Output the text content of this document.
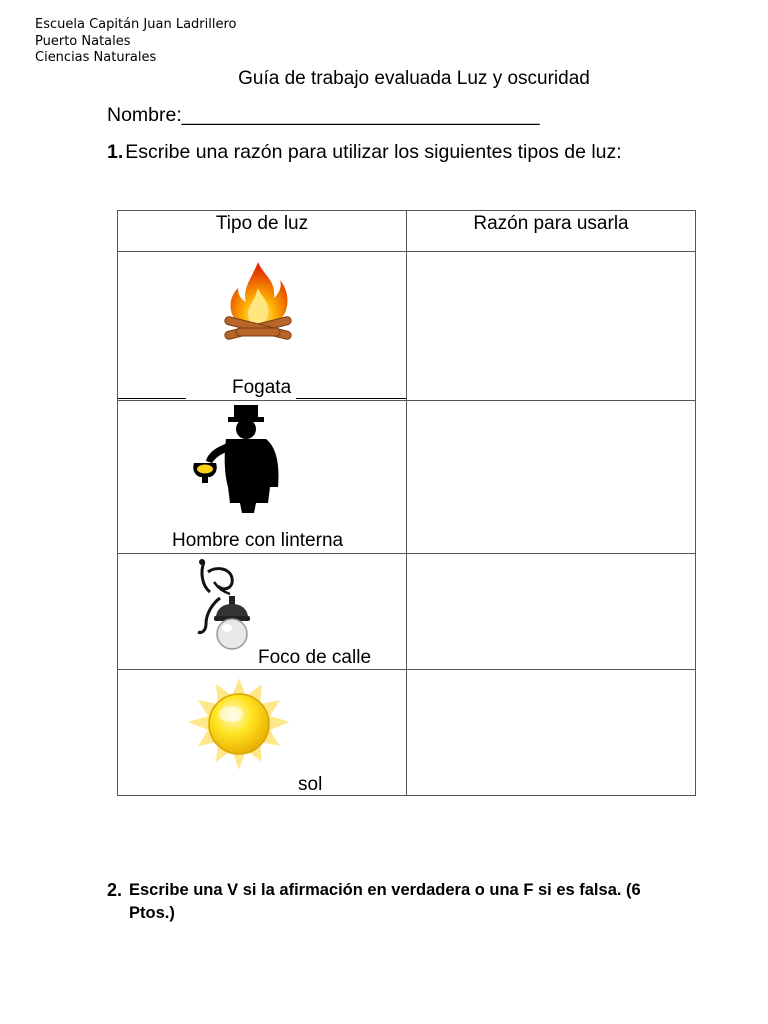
Escuela Capitán Juan Ladrillero
Puerto Natales
Ciencias Naturales
Guía de trabajo evaluada Luz y oscuridad
Nombre:_________________________________
1. Escribe una razón para utilizar los siguientes tipos de luz:
Tipo de luz	Razón para usarla

Fogata	

Hombre con linterna	

Foco de calle	

sol	

2. Escribe una V si la afirmación en verdadera o una F si es falsa. (6 Ptos.)
